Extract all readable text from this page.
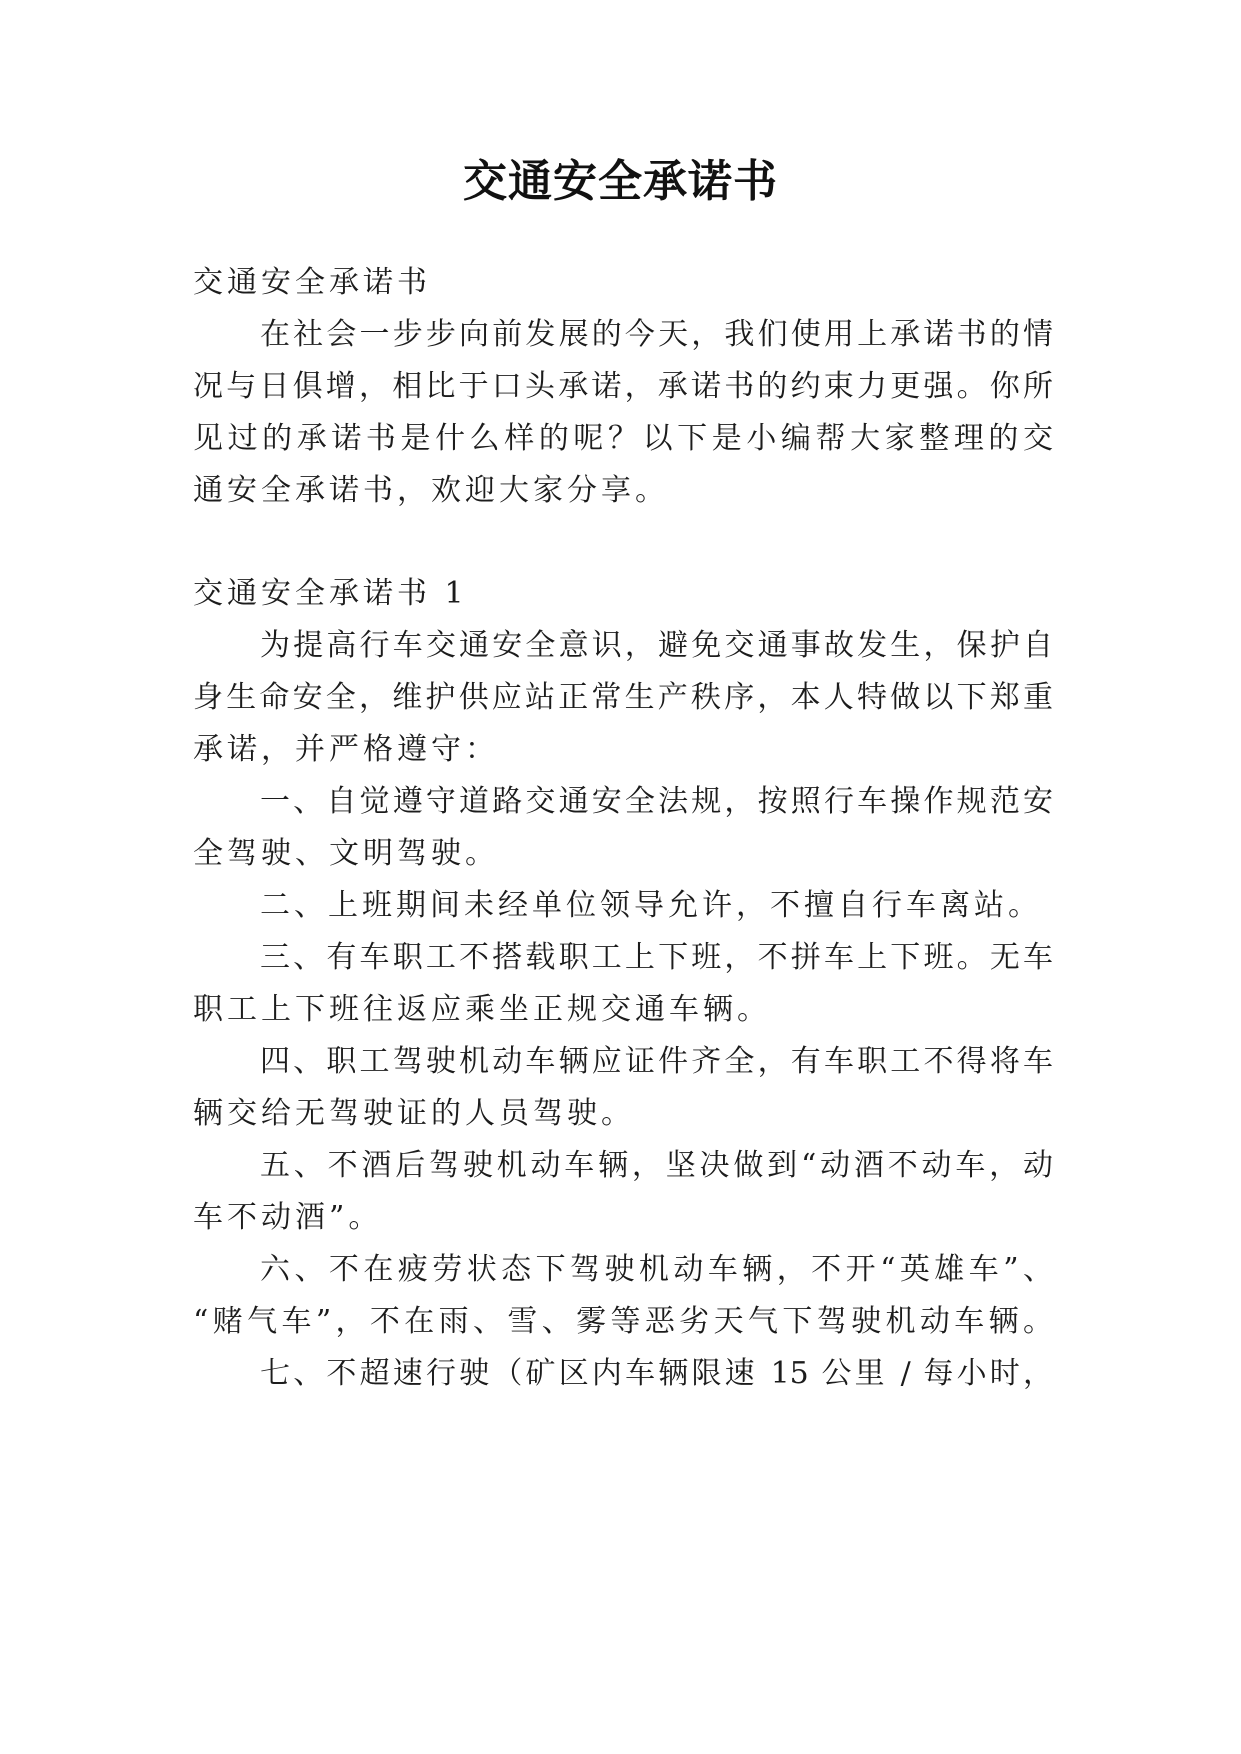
交通安全承诺书
交通安全承诺书
在社会一步步向前发展的今天，我们使用上承诺书的情
况与日俱增，相比于口头承诺，承诺书的约束力更强。你所
见过的承诺书是什么样的呢？以下是小编帮大家整理的交
通安全承诺书，欢迎大家分享。
交通安全承诺书 1
为提高行车交通安全意识，避免交通事故发生，保护自
身生命安全，维护供应站正常生产秩序，本人特做以下郑重
承诺，并严格遵守：
一、自觉遵守道路交通安全法规，按照行车操作规范安
全驾驶、文明驾驶。
二、上班期间未经单位领导允许，不擅自行车离站。
三、有车职工不搭载职工上下班，不拼车上下班。无车
职工上下班往返应乘坐正规交通车辆。
四、职工驾驶机动车辆应证件齐全，有车职工不得将车
辆交给无驾驶证的人员驾驶。
五、不酒后驾驶机动车辆，坚决做到“动酒不动车，动
车不动酒”。
六、不在疲劳状态下驾驶机动车辆，不开“英雄车”、
“赌气车”，不在雨、雪、雾等恶劣天气下驾驶机动车辆。
七、不超速行驶（矿区内车辆限速 15 公里 / 每小时，
